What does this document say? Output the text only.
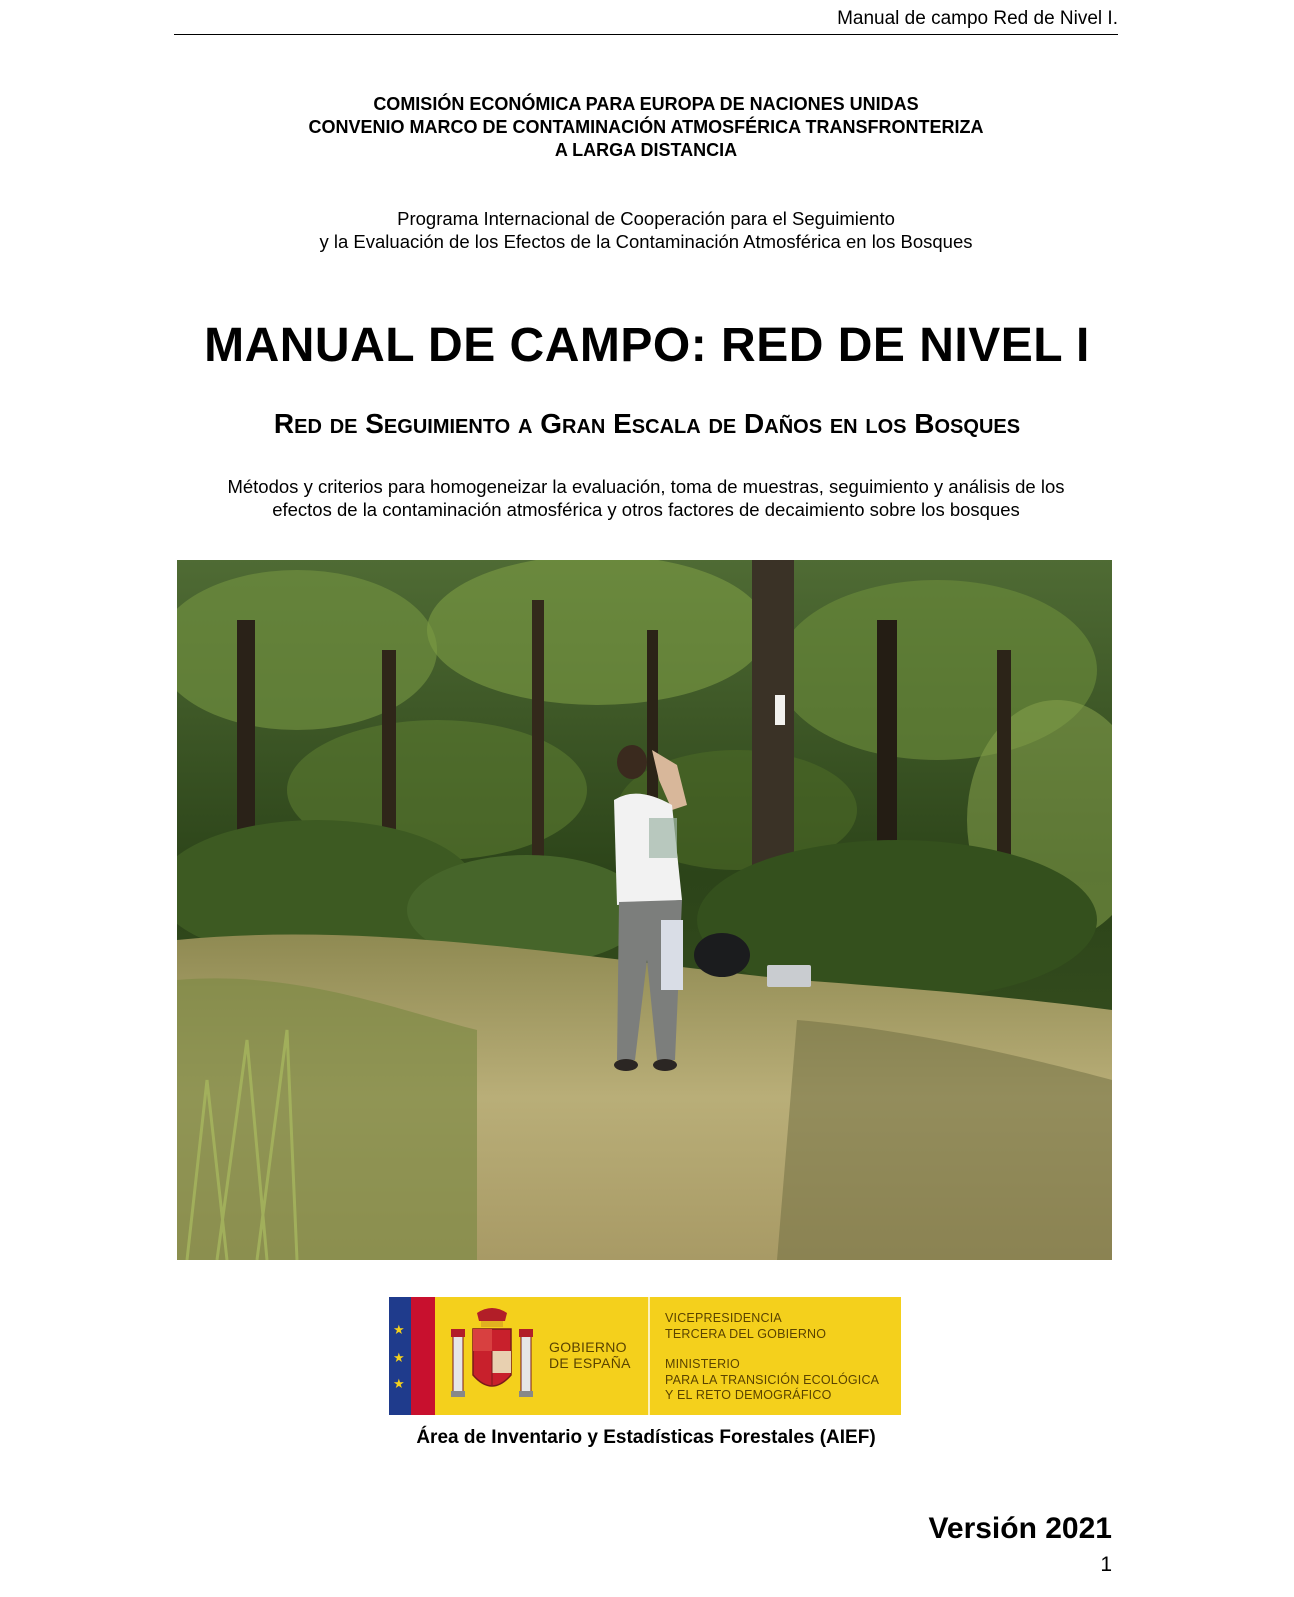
Manual de campo Red de Nivel I.
COMISIÓN ECONÓMICA PARA EUROPA DE NACIONES UNIDAS
CONVENIO MARCO DE CONTAMINACIÓN ATMOSFÉRICA TRANSFRONTERIZA
A LARGA DISTANCIA
Programa Internacional de Cooperación para el Seguimiento
y la Evaluación de los Efectos de la Contaminación Atmosférica en los Bosques
MANUAL DE CAMPO: RED DE NIVEL I
Red de Seguimiento a Gran Escala de Daños en los Bosques
Métodos y criterios para homogeneizar la evaluación, toma de muestras, seguimiento y análisis de los
efectos de la contaminación atmosférica y otros factores de decaimiento sobre los bosques
★
★
★
GOBIERNO
DE ESPAÑA
VICEPRESIDENCIA
TERCERA DEL GOBIERNO
MINISTERIO
PARA LA TRANSICIÓN ECOLÓGICA
Y EL RETO DEMOGRÁFICO
Área de Inventario y Estadísticas Forestales (AIEF)
Versión 2021
1
